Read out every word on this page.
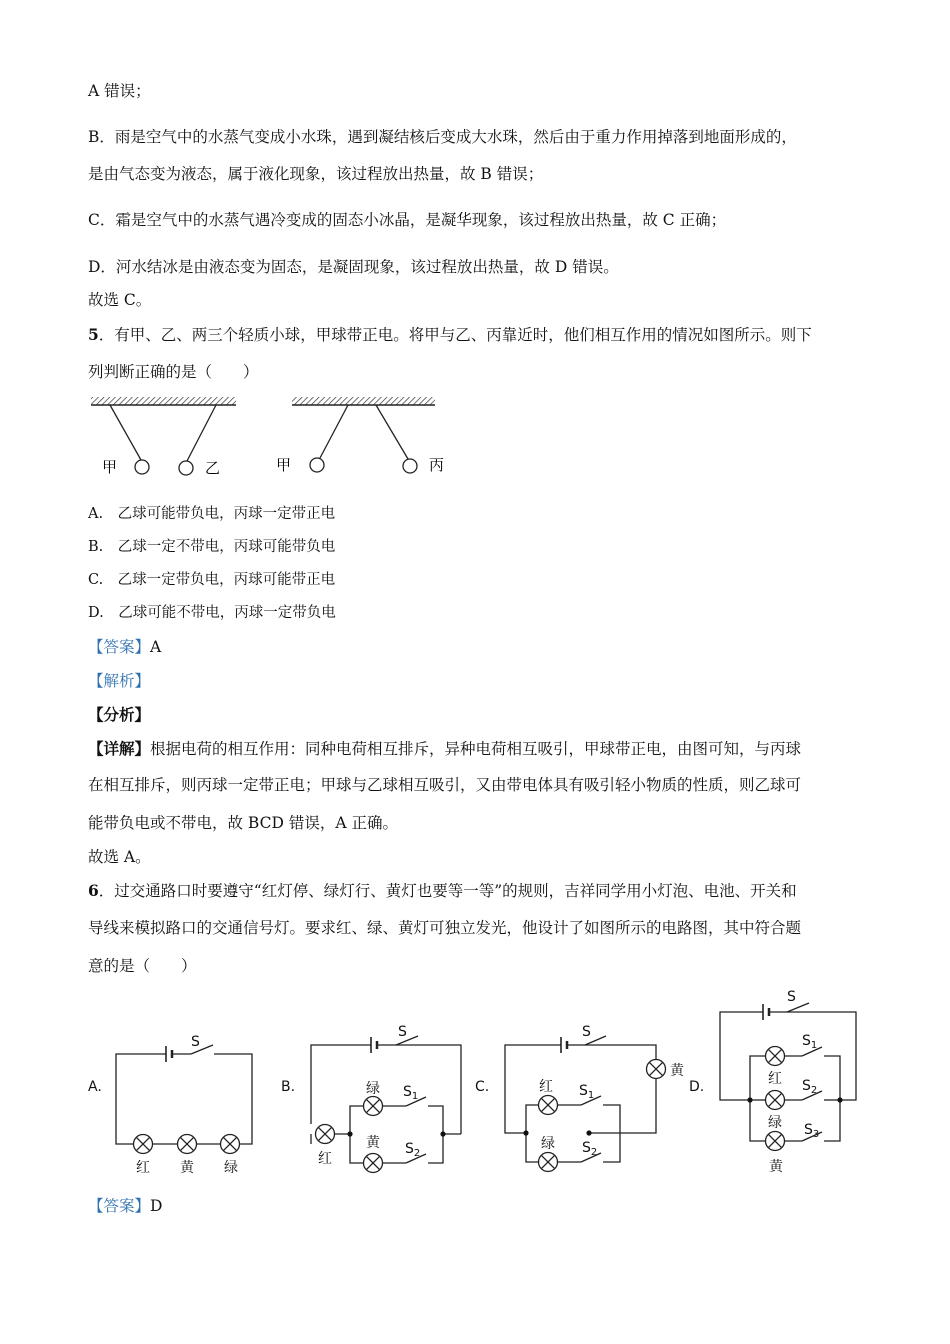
A 错误；
B．雨是空气中的水蒸气变成小水珠，遇到凝结核后变成大水珠，然后由于重力作用掉落到地面形成的，
是由气态变为液态，属于液化现象，该过程放出热量，故 B 错误；
C．霜是空气中的水蒸气遇冷变成的固态小冰晶，是凝华现象，该过程放出热量，故 C 正确；
D．河水结冰是由液态变为固态，是凝固现象，该过程放出热量，故 D 错误。
故选 C。
5．有甲、乙、两三个轻质小球，甲球带正电。将甲与乙、丙靠近时，他们相互作用的情况如图所示。则下
列判断正确的是（　　）
甲	乙	甲	丙
A.　乙球可能带负电，丙球一定带正电
B.　乙球一定不带电，丙球可能带负电
C.　乙球一定带负电，丙球可能带正电
D.　乙球可能不带电，丙球一定带负电
【答案】A
【解析】
【分析】
【详解】根据电荷的相互作用：同种电荷相互排斥，异种电荷相互吸引，甲球带正电，由图可知，与丙球
在相互排斥，则丙球一定带正电；甲球与乙球相互吸引，又由带电体具有吸引轻小物质的性质，则乙球可
能带负电或不带电，故 BCD 错误，A 正确。
故选 A。
6．过交通路口时要遵守“红灯停、绿灯行、黄灯也要等一等”的规则，吉祥同学用小灯泡、电池、开关和
导线来模拟路口的交通信号灯。要求红、绿、黄灯可独立发光，他设计了如图所示的电路图，其中符合题
意的是（　　）
A.
S
红 黄 绿
B.
S
绿 $S_1$
黄 $S_2$
红
C.
S
黄
红 $S_1$
绿 $S_2$
D.
S
$S_1$
红 $S_2$
绿 $S_3$
黄
【答案】D
